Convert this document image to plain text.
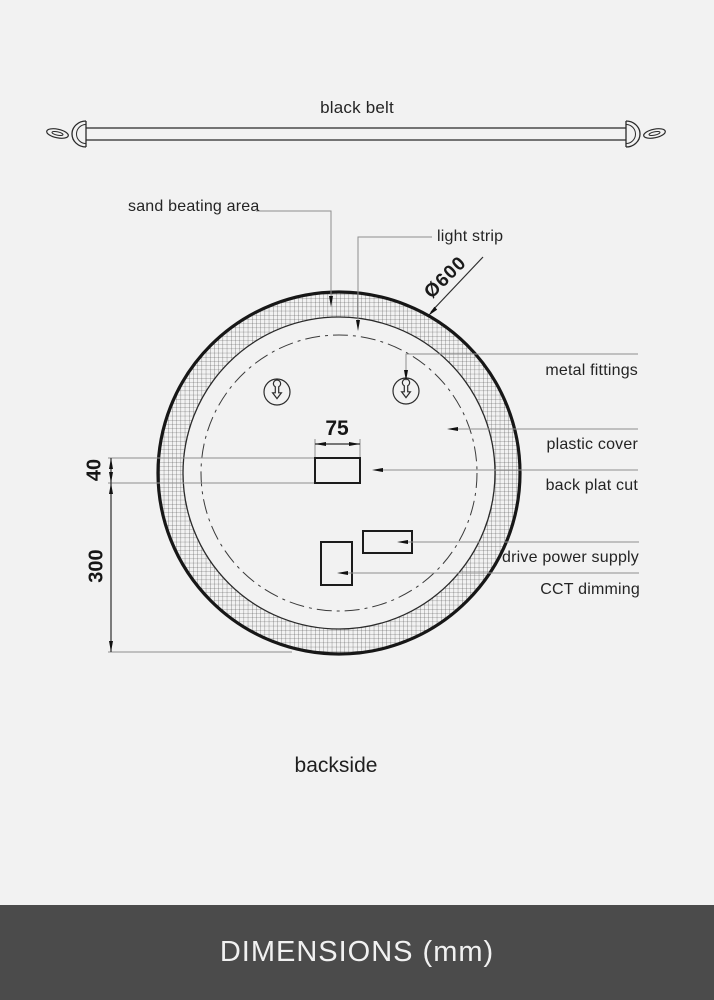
black belt
sand beating area
light strip
Ø600
metal fittings
plastic cover
back plat cut
drive power supply
CCT dimming
75
40
300
backside
DIMENSIONS (mm)
